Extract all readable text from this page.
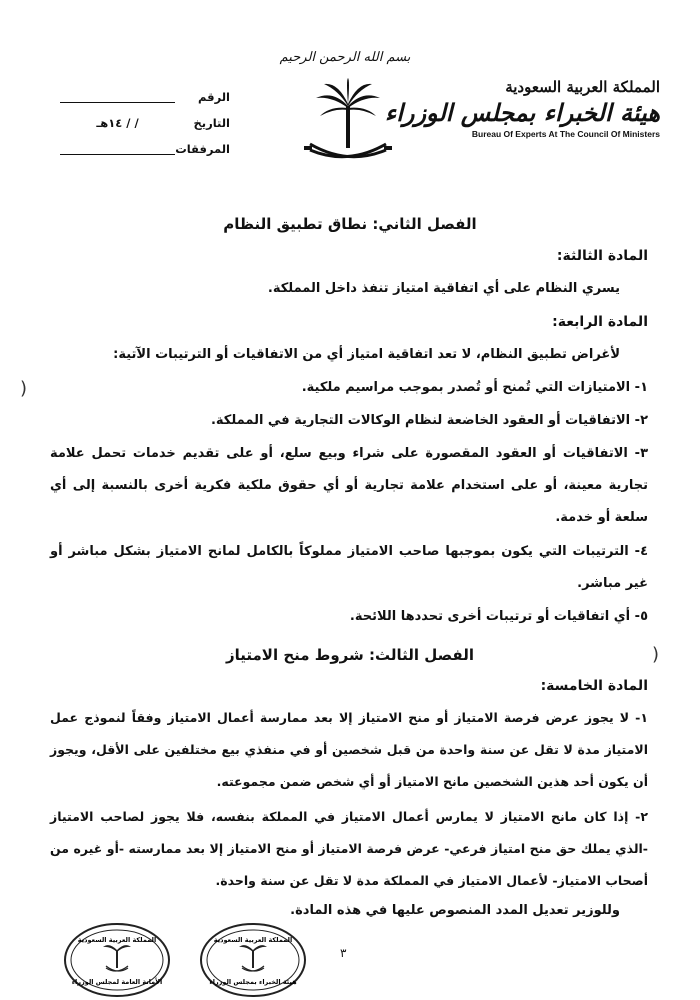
المملكة العربية السعودية
هيئة الخبراء بمجلس الوزراء
Bureau Of Experts At The Council Of Ministers
بسم الله الرحمن الرحيم
الرقم
التاريخ
/ / ١٤هـ
المرفقات
الفصل الثاني: نطاق تطبيق النظام
المادة الثالثة:
يسري النظام على أي اتفاقية امتياز تنفذ داخل المملكة.
المادة الرابعة:
لأغراض تطبيق النظام، لا تعد اتفاقية امتياز أي من الاتفاقيات أو الترتيبات الآتية:
١- الامتيازات التي تُمنح أو تُصدر بموجب مراسيم ملكية.
٢- الاتفاقيات أو العقود الخاضعة لنظام الوكالات التجارية في المملكة.
٣- الاتفاقيات أو العقود المقصورة على شراء وبيع سلع، أو على تقديم خدمات تحمل علامة تجارية معينة، أو على استخدام علامة تجارية أو أي حقوق ملكية فكرية أخرى بالنسبة إلى أي سلعة أو خدمة.
٤- الترتيبات التي يكون بموجبها صاحب الامتياز مملوكاً بالكامل لمانح الامتياز بشكل مباشر أو غير مباشر.
٥- أي اتفاقيات أو ترتيبات أخرى تحددها اللائحة.
(
(
الفصل الثالث: شروط منح الامتياز
المادة الخامسة:
١- لا يجوز عرض فرصة الامتياز أو منح الامتياز إلا بعد ممارسة أعمال الامتياز وفقاً لنموذج عمل الامتياز مدة لا تقل عن سنة واحدة من قبل شخصين أو في منفذي بيع مختلفين على الأقل، ويجوز أن يكون أحد هذين الشخصين مانح الامتياز أو أي شخص ضمن مجموعته.
٢- إذا كان مانح الامتياز لا يمارس أعمال الامتياز في المملكة بنفسه، فلا يجوز لصاحب الامتياز -الذي يملك حق منح امتياز فرعي- عرض فرصة الامتياز أو منح الامتياز إلا بعد ممارسته -أو غيره من أصحاب الامتياز- لأعمال الامتياز في المملكة مدة لا تقل عن سنة واحدة.
وللوزير تعديل المدد المنصوص عليها في هذه المادة.
٣
المملكة العربية السعودية
الأمانة العامة لمجلس الوزراء
المملكة العربية السعودية
هيئة الخبراء بمجلس الوزراء
